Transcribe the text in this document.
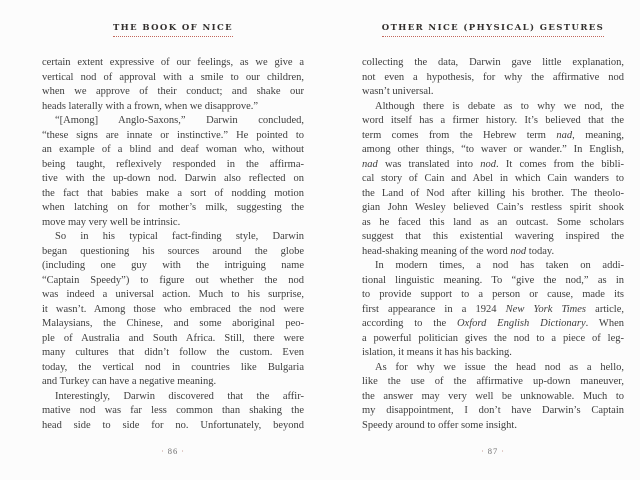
THE BOOK OF NICE
certain extent expressive of our feelings, as we give a
vertical nod of approval with a smile to our children,
when we approve of their conduct; and shake our
heads laterally with a frown, when we disapprove.”
“[Among] Anglo-Saxons,” Darwin concluded,
“these signs are innate or instinctive.” He pointed to
an example of a blind and deaf woman who, without
being taught, reflexively responded in the affirma-
tive with the up-down nod. Darwin also reflected on
the fact that babies make a sort of nodding motion
when latching on for mother’s milk, suggesting the
move may very well be intrinsic.
So in his typical fact-finding style, Darwin
began questioning his sources around the globe
(including one guy with the intriguing name
“Captain Speedy”) to figure out whether the nod
was indeed a universal action. Much to his surprise,
it wasn’t. Among those who embraced the nod were
Malaysians, the Chinese, and some aboriginal peo-
ple of Australia and South Africa. Still, there were
many cultures that didn’t follow the custom. Even
today, the vertical nod in countries like Bulgaria
and Turkey can have a negative meaning.
Interestingly, Darwin discovered that the affir-
mative nod was far less common than shaking the
head side to side for no. Unfortunately, beyond
· 86 ·
OTHER NICE (PHYSICAL) GESTURES
collecting the data, Darwin gave little explanation,
not even a hypothesis, for why the affirmative nod
wasn’t universal.
Although there is debate as to why we nod, the
word itself has a firmer history. It’s believed that the
term comes from the Hebrew term nad, meaning,
among other things, “to waver or wander.” In English,
nad was translated into nod. It comes from the bibli-
cal story of Cain and Abel in which Cain wanders to
the Land of Nod after killing his brother. The theolo-
gian John Wesley believed Cain’s restless spirit shook
as he faced this land as an outcast. Some scholars
suggest that this existential wavering inspired the
head-shaking meaning of the word nod today.
In modern times, a nod has taken on addi-
tional linguistic meaning. To “give the nod,” as in
to provide support to a person or cause, made its
first appearance in a 1924 New York Times article,
according to the Oxford English Dictionary. When
a powerful politician gives the nod to a piece of leg-
islation, it means it has his backing.
As for why we issue the head nod as a hello,
like the use of the affirmative up-down maneuver,
the answer may very well be unknowable. Much to
my disappointment, I don’t have Darwin’s Captain
Speedy around to offer some insight.
· 87 ·
